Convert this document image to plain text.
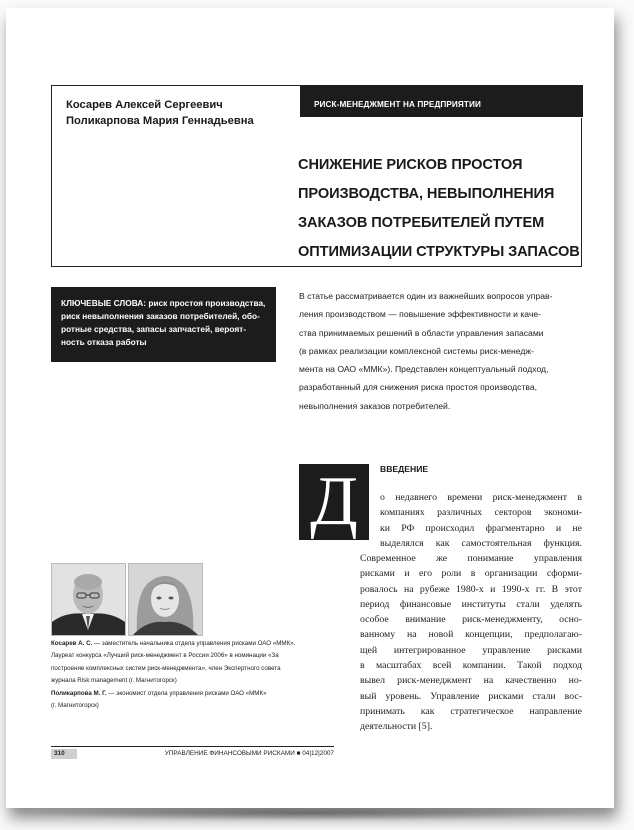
Косарев Алексей Сергеевич
Поликарпова Мария Геннадьевна
РИСК-МЕНЕДЖМЕНТ НА ПРЕДПРИЯТИИ
СНИЖЕНИЕ РИСКОВ ПРОСТОЯ
ПРОИЗВОДСТВА, НЕВЫПОЛНЕНИЯ
ЗАКАЗОВ ПОТРЕБИТЕЛЕЙ ПУТЕМ
ОПТИМИЗАЦИИ СТРУКТУРЫ ЗАПАСОВ
КЛЮЧЕВЫЕ СЛОВА: риск простоя производства,
риск невыполнения заказов потребителей, обо-
ротные средства, запасы запчастей, вероят-
ность отказа работы
В статье рассматривается один из важнейших вопросов управ-
ления производством — повышение эффективности и каче-
ства принимаемых решений в области управления запасами
(в рамках реализации комплексной системы риск-менедж-
мента на ОАО «ММК»). Представлен концептуальный подход,
разработанный для снижения риска простоя производства,
невыполнения заказов потребителей.
Д	ВВЕДЕНИЕ
о недавнего времени риск-менеджмент в
компаниях различных секторов экономи-
ки РФ происходил фрагментарно и не
выделялся как самостоятельная функция.
Современное же понимание управления
рисками и его роли в организации сформи-
ровалось на рубеже 1980-х и 1990-х гг. В этот
период финансовые институты стали уделять
особое внимание риск-менеджменту, осно-
ванному на новой концепции, предполагаю-
щей интегрированное управление рисками
в масштабах всей компании. Такой подход
вывел риск-менеджмент на качественно но-
вый уровень. Управление рисками стали вос-
принимать как стратегическое направление
деятельности [5].
Косарев А. С. — заместитель начальника отдела управления рисками ОАО «ММК».
Лауреат конкурса «Лучший риск-менеджмент в России 2006» в номинации «За
построение комплексных систем риск-менеджмента», член Экспертного совета
журнала Risk management (г. Магнитогорск)
Поликарпова М. Г. — экономист отдела управления рисками ОАО «ММК»
(г. Магнитогорск)
310	УПРАВЛЕНИЕ ФИНАНСОВЫМИ РИСКАМИ ■ 04|12|2007
